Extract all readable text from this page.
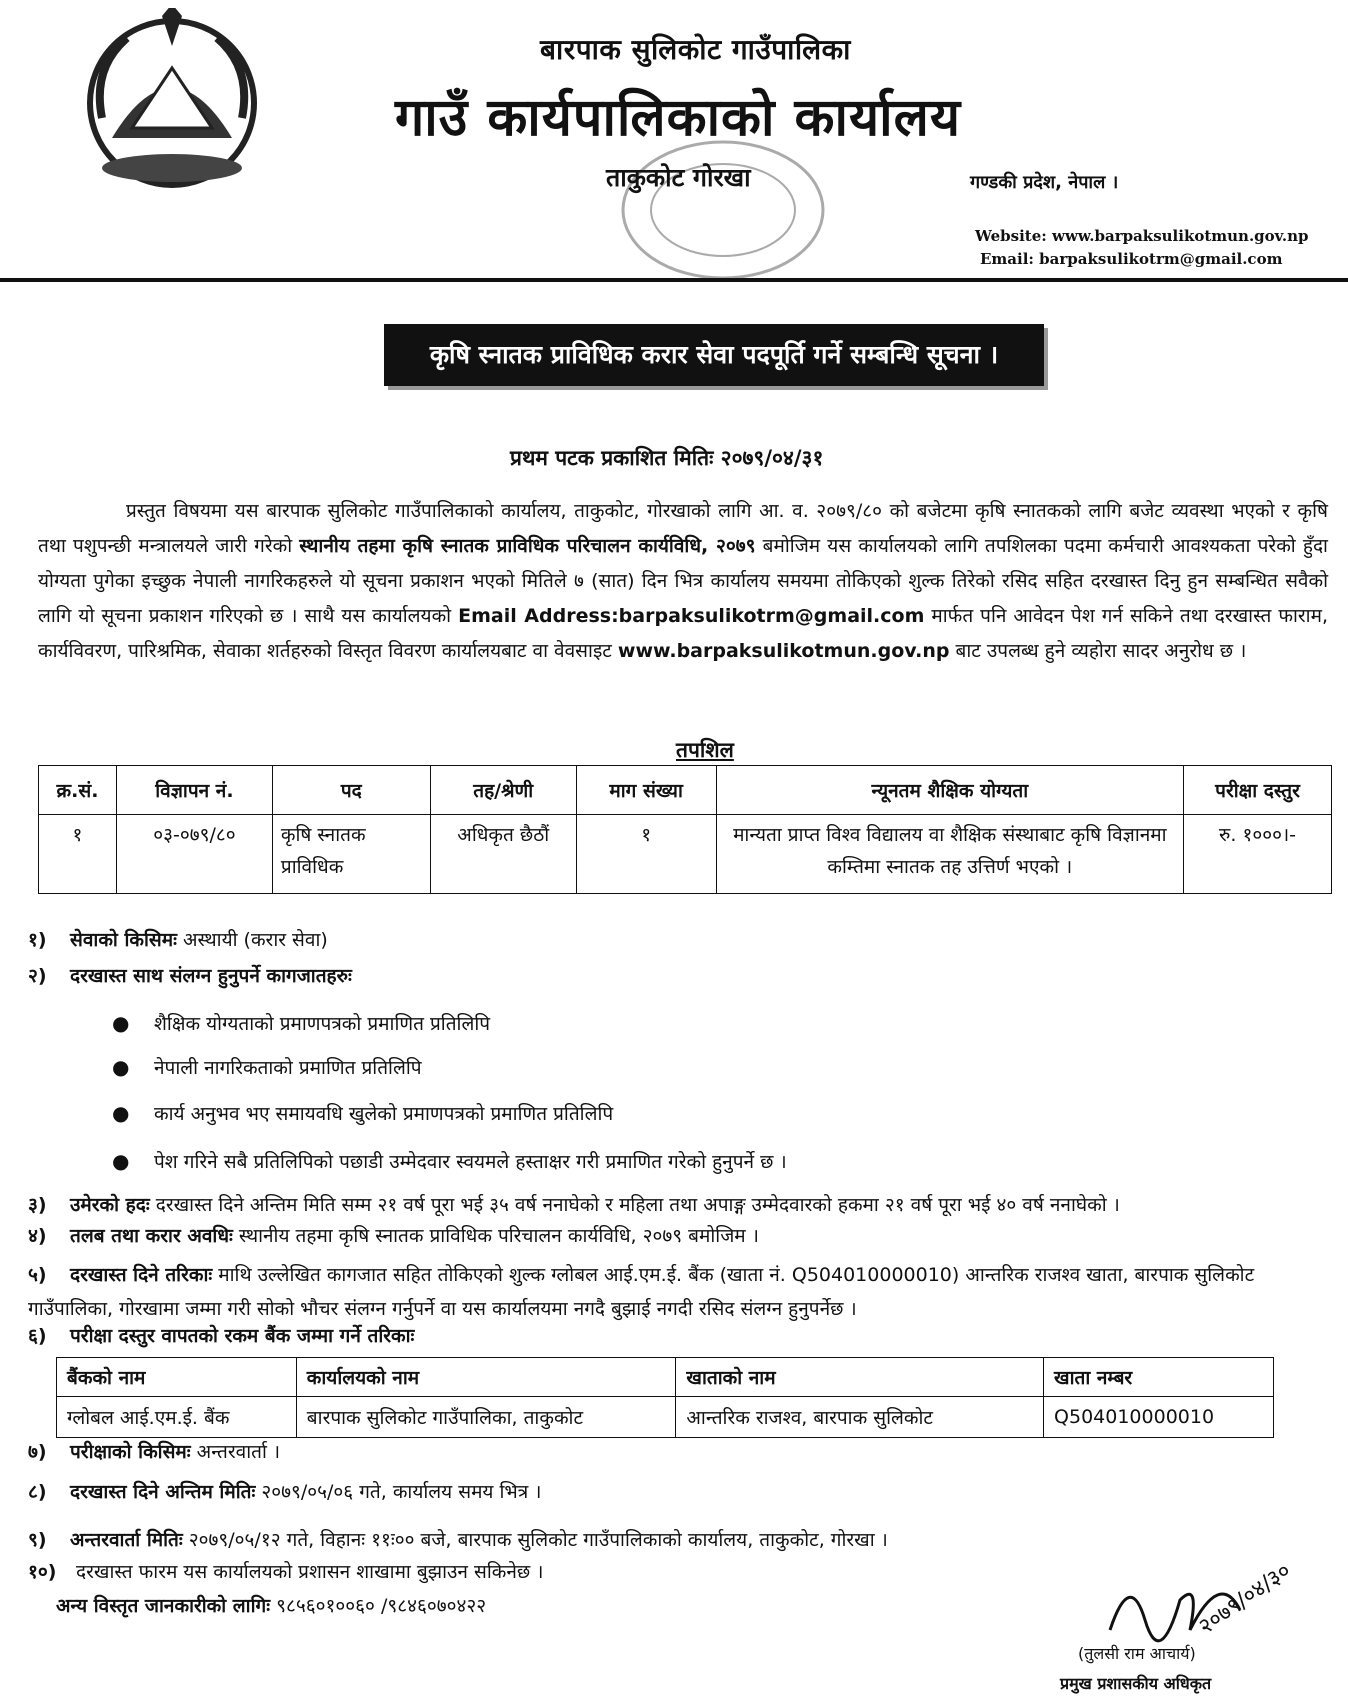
बारपाक सुलिकोट गाउँपालिका
गाउँ कार्यपालिकाको कार्यालय
ताकुकोट गोरखा	गण्डकी प्रदेश, नेपाल ।
Website: www.barpaksulikotmun.gov.np
Email: barpaksulikotrm@gmail.com
कृषि स्नातक प्राविधिक करार सेवा पदपूर्ति गर्ने सम्बन्धि सूचना ।
प्रथम पटक प्रकाशित मितिः २०७९/०४/३१

प्रस्तुत विषयमा यस बारपाक सुलिकोट गाउँपालिकाको कार्यालय, ताकुकोट, गोरखाको लागि आ. व. २०७९/८० को बजेटमा कृषि स्नातकको लागि बजेट व्यवस्था भएको र कृषि तथा पशुपन्छी मन्त्रालयले जारी गरेको स्थानीय तहमा कृषि स्नातक प्राविधिक परिचालन कार्यविधि, २०७९ बमोजिम यस कार्यालयको लागि तपशिलका पदमा कर्मचारी आवश्यकता परेको हुँदा योग्यता पुगेका इच्छुक नेपाली नागरिकहरुले यो सूचना प्रकाशन भएको मितिले ७ (सात) दिन भित्र कार्यालय समयमा तोकिएको शुल्क तिरेको रसिद सहित दरखास्त दिनु हुन सम्बन्धित सवैको लागि यो सूचना प्रकाशन गरिएको छ । साथै यस कार्यालयको Email Address:barpaksulikotrm@gmail.com मार्फत पनि आवेदन पेश गर्न सकिने तथा दरखास्त फाराम, कार्यविवरण, पारिश्रमिक, सेवाका शर्तहरुको विस्तृत विवरण कार्यालयबाट वा वेवसाइट www.barpaksulikotmun.gov.np बाट उपलब्ध हुने व्यहोरा सादर अनुरोध छ ।

तपशिल
क्र.सं.	विज्ञापन नं.	पद	तह/श्रेणी	माग संख्या	न्यूनतम शैक्षिक योग्यता	परीक्षा दस्तुर
१	०३-०७९/८०	कृषि स्नातक प्राविधिक	अधिकृत छैठौं	१	मान्यता प्राप्त विश्व विद्यालय वा शैक्षिक संस्थाबाट कृषि विज्ञानमा कम्तिमा स्नातक तह उत्तिर्ण भएको ।	रु. १०००।-
१) सेवाको किसिमः अस्थायी (करार सेवा)
२) दरखास्त साथ संलग्न हुनुपर्ने कागजातहरुः
● शैक्षिक योग्यताको प्रमाणपत्रको प्रमाणित प्रतिलिपि
● नेपाली नागरिकताको प्रमाणित प्रतिलिपि
● कार्य अनुभव भए समायवधि खुलेको प्रमाणपत्रको प्रमाणित प्रतिलिपि
● पेश गरिने सबै प्रतिलिपिको पछाडी उम्मेदवार स्वयमले हस्ताक्षर गरी प्रमाणित गरेको हुनुपर्ने छ ।
३) उमेरको हदः दरखास्त दिने अन्तिम मिति सम्म २१ वर्ष पूरा भई ३५ वर्ष ननाघेको र महिला तथा अपाङ्ग उम्मेदवारको हकमा २१ वर्ष पूरा भई ४० वर्ष ननाघेको ।
४) तलब तथा करार अवधिः स्थानीय तहमा कृषि स्नातक प्राविधिक परिचालन कार्यविधि, २०७९ बमोजिम ।
५) दरखास्त दिने तरिकाः माथि उल्लेखित कागजात सहित तोकिएको शुल्क ग्लोबल आई.एम.ई. बैंक (खाता नं. Q504010000010) आन्तरिक राजश्व खाता, बारपाक सुलिकोट गाउँपालिका, गोरखामा जम्मा गरी सोको भौचर संलग्न गर्नुपर्ने वा यस कार्यालयमा नगदै बुझाई नगदी रसिद संलग्न हुनुपर्नेछ ।
६) परीक्षा दस्तुर वापतको रकम बैंक जम्मा गर्ने तरिकाः
बैंकको नाम	कार्यालयको नाम	खाताको नाम	खाता नम्बर
ग्लोबल आई.एम.ई. बैंक	बारपाक सुलिकोट गाउँपालिका, ताकुकोट	आन्तरिक राजश्व, बारपाक सुलिकोट	Q504010000010
७) परीक्षाको किसिमः अन्तरवार्ता ।
८) दरखास्त दिने अन्तिम मितिः २०७९/०५/०६ गते, कार्यालय समय भित्र ।
९) अन्तरवार्ता मितिः २०७९/०५/१२ गते, विहानः ११ः०० बजे, बारपाक सुलिकोट गाउँपालिकाको कार्यालय, ताकुकोट, गोरखा ।
१०) दरखास्त फारम यस कार्यालयको प्रशासन शाखामा बुझाउन सकिनेछ ।
अन्य विस्तृत जानकारीको लागिः ९८५६०१००६० /९८४६०७०४२२	२०७९/०४/३०
(तुलसी राम आचार्य)
प्रमुख प्रशासकीय अधिकृत
